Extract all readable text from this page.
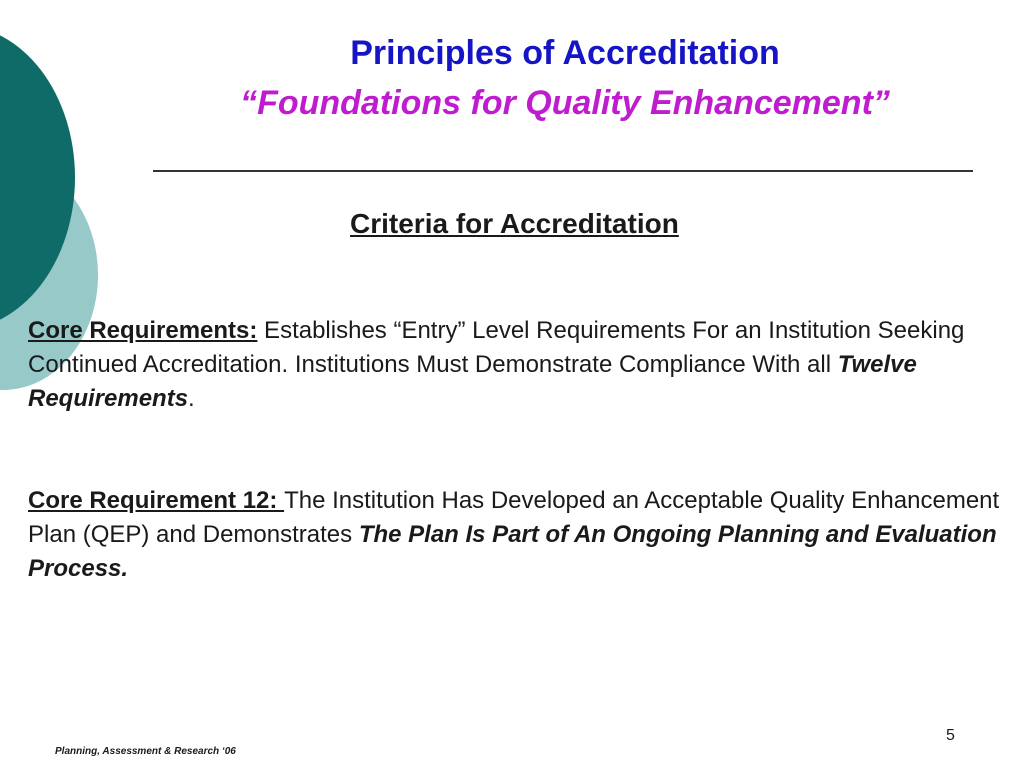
Principles of Accreditation
“Foundations for Quality Enhancement”
Criteria for Accreditation

Core Requirements: Establishes “Entry” Level Requirements For an Institution Seeking Continued Accreditation. Institutions Must Demonstrate Compliance With all Twelve Requirements.

Core Requirement 12: The Institution Has Developed an Acceptable Quality Enhancement Plan (QEP) and Demonstrates The Plan Is Part of An Ongoing Planning and Evaluation Process.

5
Planning, Assessment & Research ‘06
